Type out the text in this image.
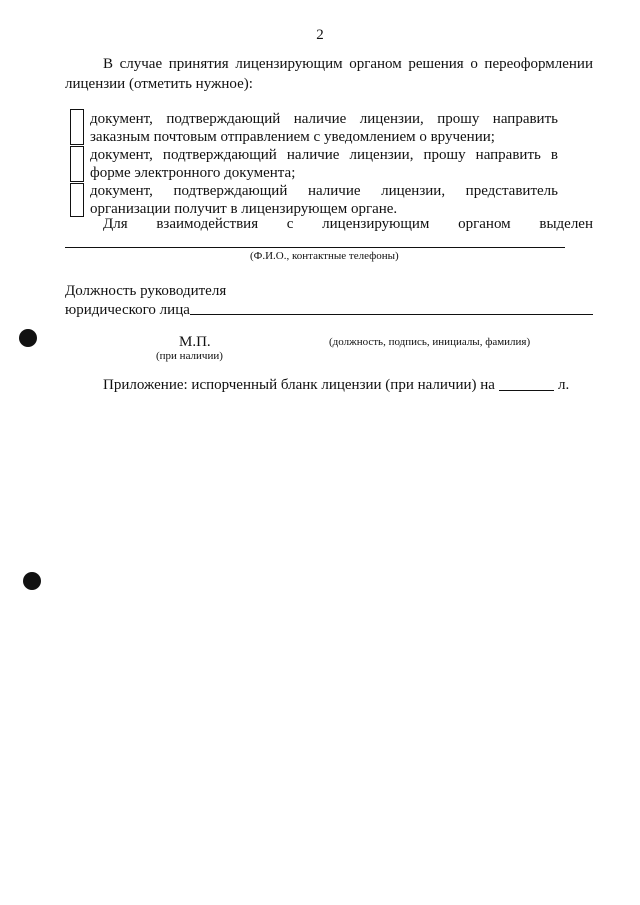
2
В случае принятия лицензирующим органом решения о переоформлении
лицензии (отметить нужное):
документ, подтверждающий наличие лицензии, прошу направить
заказным почтовым отправлением с уведомлением о вручении;
документ, подтверждающий наличие лицензии, прошу направить в
форме электронного документа;
документ, подтверждающий наличие лицензии, представитель
организации получит в лицензирующем органе.
Для взаимодействия с лицензирующим органом выделен
(Ф.И.О., контактные телефоны)
Должность руководителя
юридического лица
М.П.
(при наличии)
(должность, подпись, инициалы, фамилия)
Приложение: испорченный бланк лицензии (при наличии) на	л.
